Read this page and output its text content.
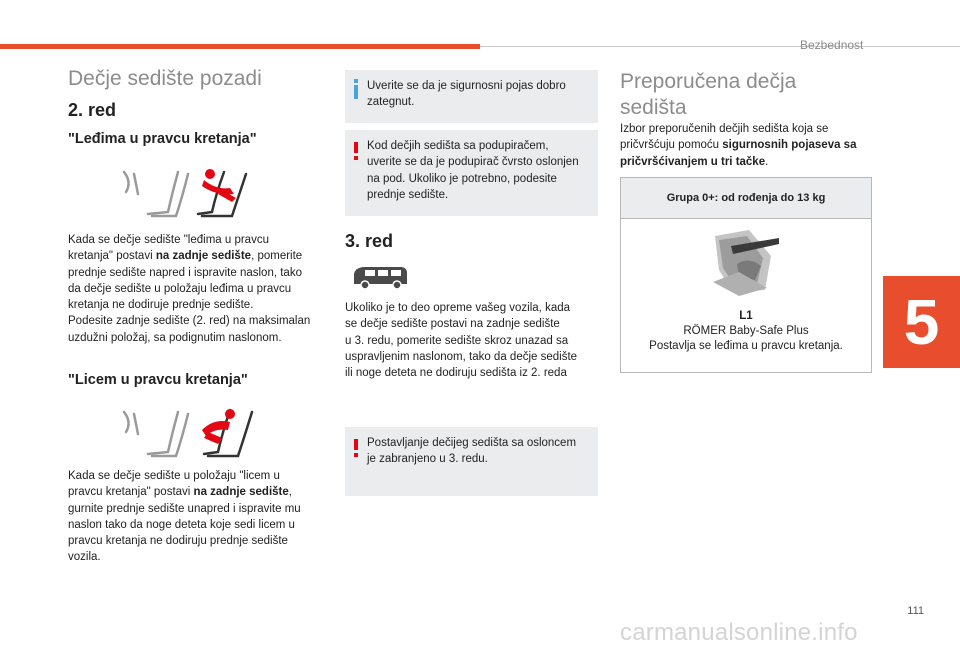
Bezbednost
5
Dečje sedište pozadi
2. red
"Leđima u pravcu kretanja"
Kada se dečje sedište "leđima u pravcu
kretanja" postavi na zadnje sedište, pomerite
prednje sedište napred i ispravite naslon, tako
da dečje sedište u položaju leđima u pravcu
kretanja ne dodiruje prednje sedište.
Podesite zadnje sedište (2. red) na maksimalan
uzdužni položaj, sa podignutim naslonom.
"Licem u pravcu kretanja"
Kada se dečje sedište u položaju "licem u
pravcu kretanja" postavi na zadnje sedište,
gurnite prednje sedište unapred i ispravite mu
naslon tako da noge deteta koje sedi licem u
pravcu kretanja ne dodiruju prednje sedište
vozila.
Uverite se da je sigurnosni pojas dobro
zategnut.
Kod dečjih sedišta sa podupiračem,
uverite se da je podupirač čvrsto oslonjen
na pod. Ukoliko je potrebno, podesite
prednje sedište.
3. red
Ukoliko je to deo opreme vašeg vozila, kada
se dečje sedište postavi na zadnje sedište
u 3. redu, pomerite sedište skroz unazad sa
uspravljenim naslonom, tako da dečje sedište
ili noge deteta ne dodiruju sedišta iz 2. reda
Postavljanje dečijeg sedišta sa osloncem
je zabranjeno u 3. redu.
Preporučena dečja
sedišta
Izbor preporučenih dečjih sedišta koja se
pričvršćuju pomoću sigurnosnih pojaseva sa
pričvršćivanjem u tri tačke.
Grupa 0+: od rođenja do 13 kg
L1
RÖMER Baby-Safe Plus
Postavlja se leđima u pravcu kretanja.
111
carmanualsonline.info
